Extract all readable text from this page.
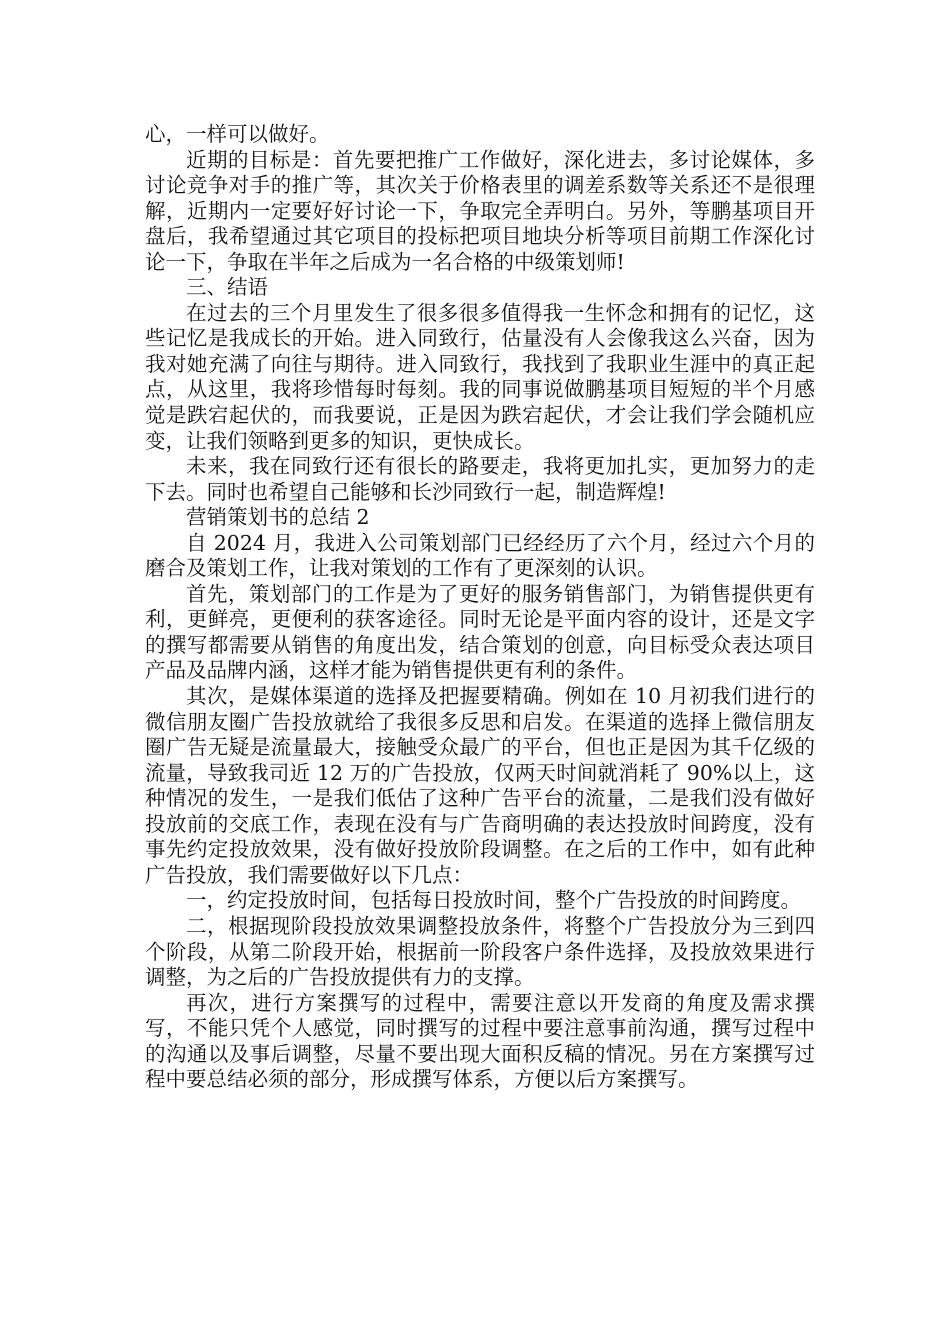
心，一样可以做好。

近期的目标是：首先要把推广工作做好，深化进去，多讨论媒体，多讨论竞争对手的推广等，其次关于价格表里的调差系数等关系还不是很理解，近期内一定要好好讨论一下，争取完全弄明白。另外，等鹏基项目开盘后，我希望通过其它项目的投标把项目地块分析等项目前期工作深化讨论一下，争取在半年之后成为一名合格的中级策划师!

三、结语

在过去的三个月里发生了很多很多值得我一生怀念和拥有的记忆，这些记忆是我成长的开始。进入同致行，估量没有人会像我这么兴奋，因为我对她充满了向往与期待。进入同致行，我找到了我职业生涯中的真正起点，从这里，我将珍惜每时每刻。我的同事说做鹏基项目短短的半个月感觉是跌宕起伏的，而我要说，正是因为跌宕起伏，才会让我们学会随机应变，让我们领略到更多的知识，更快成长。

未来，我在同致行还有很长的路要走，我将更加扎实，更加努力的走下去。同时也希望自己能够和长沙同致行一起，制造辉煌!

营销策划书的总结 2

自 2024 月，我进入公司策划部门已经经历了六个月，经过六个月的磨合及策划工作，让我对策划的工作有了更深刻的认识。

首先，策划部门的工作是为了更好的服务销售部门，为销售提供更有利，更鲜亮，更便利的获客途径。同时无论是平面内容的设计，还是文字的撰写都需要从销售的角度出发，结合策划的创意，向目标受众表达项目产品及品牌内涵，这样才能为销售提供更有利的条件。

其次，是媒体渠道的选择及把握要精确。例如在 10 月初我们进行的微信朋友圈广告投放就给了我很多反思和启发。在渠道的选择上微信朋友圈广告无疑是流量最大，接触受众最广的平台，但也正是因为其千亿级的流量，导致我司近 12 万的广告投放，仅两天时间就消耗了 90%以上，这种情况的发生，一是我们低估了这种广告平台的流量，二是我们没有做好投放前的交底工作，表现在没有与广告商明确的表达投放时间跨度，没有事先约定投放效果，没有做好投放阶段调整。在之后的工作中，如有此种广告投放，我们需要做好以下几点：

一，约定投放时间，包括每日投放时间，整个广告投放的时间跨度。

二，根据现阶段投放效果调整投放条件，将整个广告投放分为三到四个阶段，从第二阶段开始，根据前一阶段客户条件选择，及投放效果进行调整，为之后的广告投放提供有力的支撑。

再次，进行方案撰写的过程中，需要注意以开发商的角度及需求撰写，不能只凭个人感觉，同时撰写的过程中要注意事前沟通，撰写过程中的沟通以及事后调整，尽量不要出现大面积反稿的情况。另在方案撰写过程中要总结必须的部分，形成撰写体系，方便以后方案撰写。
